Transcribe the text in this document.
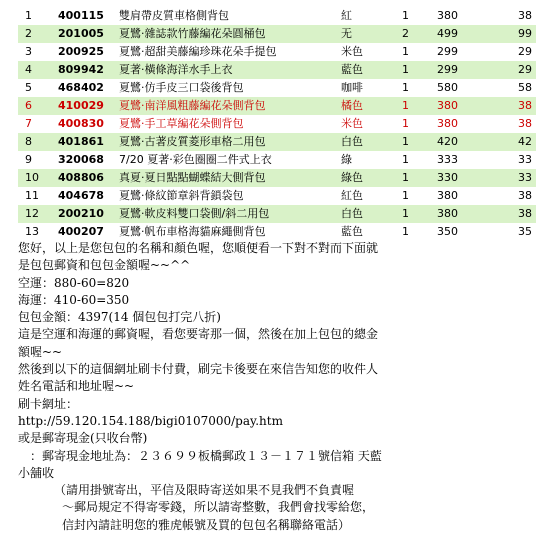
1 400115 雙肩帶皮質車格側背包	紅	1	380	38
2 201005 夏鷺‧雜誌款竹藤編花朵圓桶包	无	2	499	99
3 200925 夏鷺‧超甜美藤編珍珠花朵手提包	米色	1	299	29
4 809942 夏著‧橫條海洋水手上衣	藍色	1	299	29
5 468402 夏鷺‧仿手皮三口袋後背包	咖啡	1	580	58
6 410029 夏鷺‧南洋風粗藤編花朵側背包	橘色	1	380	38
7 400830 夏鷺‧手工草編花朵側背包	米色	1	380	38
8 401861 夏鷺‧古著皮質菱形車格二用包	白色	1	420	42
9 320068 7/20 夏著‧彩色圈圈二件式上衣	綠	1	333	33
10 408806 真夏‧夏日點點蝴蝶結大側背包	綠色	1	330	33
11 404678 夏鷺‧條紋節章斜背鎖袋包	紅色	1	380	38
12 200210 夏鷺‧軟皮料雙口袋側/斜二用包	白色	1	380	38
13 400207 夏鷺‧帆布車格海貓麻繩側背包	藍色	1	350	35
您好，以上是您包包的名稱和顏色喔，您順便看一下對不對而下面就
是包包郵資和包包金額喔~~^^
空運：880-60=820
海運：410-60=350
包包金額：4397(14 個包包打完八折)
這是空運和海運的郵資喔，看您要寄那一個，然後在加上包包的總金
額喔~~
然後到以下的這個網址刷卡付費，刷完卡後要在來信告知您的收件人
姓名電話和地址喔~~
刷卡網址：
http://59.120.154.188/bigi0107000/pay.htm
或是郵寄現金(只收台幣)
：郵寄現金地址為：２３６９９板橋郵政１３－１７１號信箱 天藍
小舖收
（請用掛號寄出，平信及限時寄送如果不見我們不負責喔
～郵局規定不得寄零錢，所以請寄整數，我們會找零給您，
信封內請註明您的雅虎帳號及買的包包名稱聯絡電話）
